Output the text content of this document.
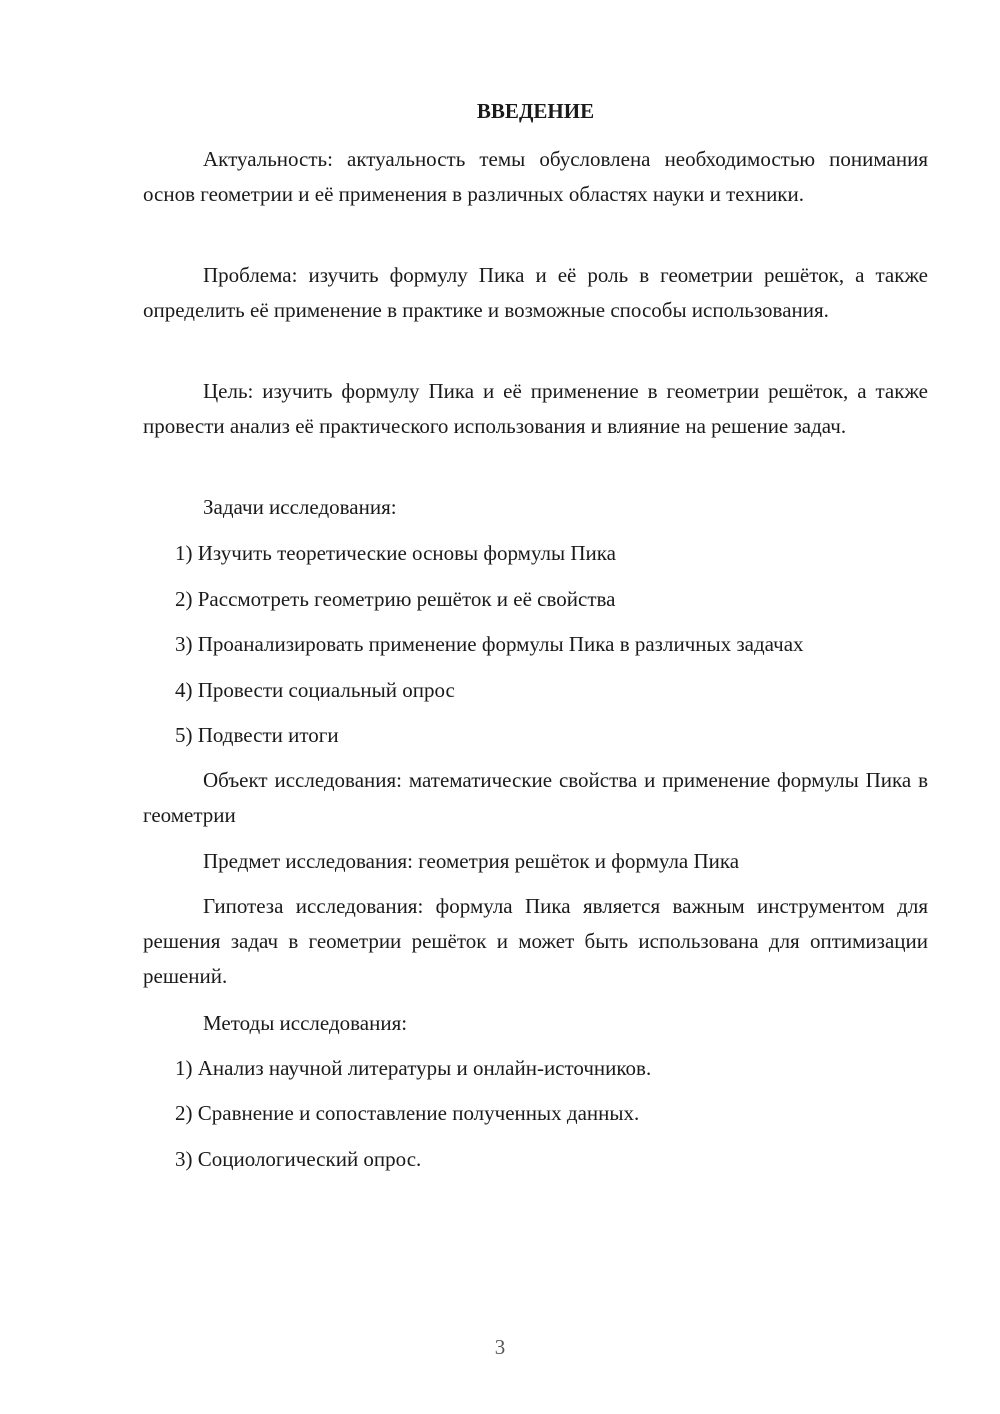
ВВЕДЕНИЕ

Актуальность: актуальность темы обусловлена необходимостью понимания основ геометрии и её применения в различных областях науки и техники.

Проблема: изучить формулу Пика и её роль в геометрии решёток, а также определить её применение в практике и возможные способы использования.

Цель: изучить формулу Пика и её применение в геометрии решёток, а также провести анализ её практического использования и влияние на решение задач.

Задачи исследования:

1) Изучить теоретические основы формулы Пика

2) Рассмотреть геометрию решёток и её свойства

3) Проанализировать применение формулы Пика в различных задачах

4) Провести социальный опрос

5) Подвести итоги

Объект исследования: математические свойства и применение формулы Пика в геометрии

Предмет исследования: геометрия решёток и формула Пика

Гипотеза исследования: формула Пика является важным инструментом для решения задач в геометрии решёток и может быть использована для оптимизации решений.

Методы исследования:

1) Анализ научной литературы и онлайн-источников.

2) Сравнение и сопоставление полученных данных.

3) Социологический опрос.

3
